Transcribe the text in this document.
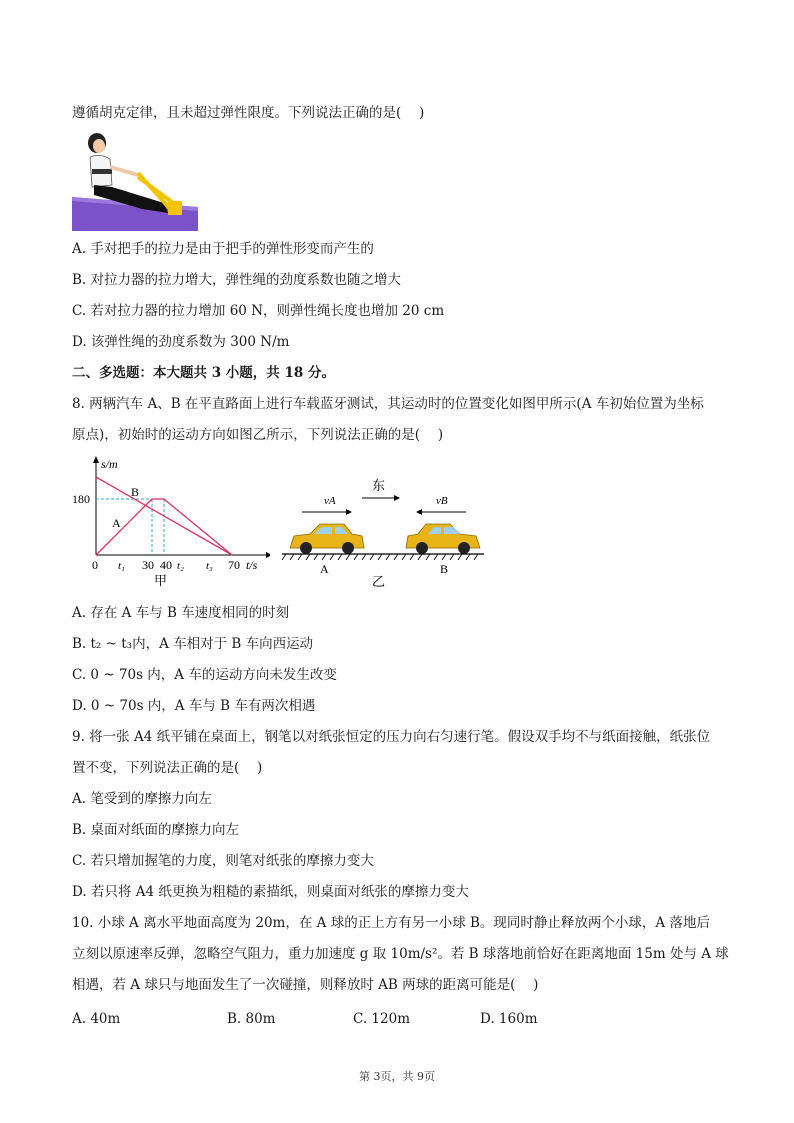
遵循胡克定律，且未超过弹性限度。下列说法正确的是(　 )
A. 手对把手的拉力是由于把手的弹性形变而产生的
B. 对拉力器的拉力增大，弹性绳的劲度系数也随之增大
C. 若对拉力器的拉力增加 60 N，则弹性绳长度也增加 20 cm
D. 该弹性绳的劲度系数为 300 N/m
二、多选题：本大题共 3 小题，共 18 分。
8. 两辆汽车 A、B 在平直路面上进行车载蓝牙测试，其运动时的位置变化如图甲所示(A 车初始位置为坐标
原点)，初始时的运动方向如图乙所示，下列说法正确的是(　 )
s/m
180	B
A
0 t₁ 30 40 t₂ t₃ 70 t/s
甲
东
vA	vB
A	B
乙
A. 存在 A 车与 B 车速度相同的时刻
B. t₂ ~ t₃内，A 车相对于 B 车向西运动
C. 0 ~ 70s 内，A 车的运动方向未发生改变
D. 0 ~ 70s 内，A 车与 B 车有两次相遇
9. 将一张 A4 纸平铺在桌面上，钢笔以对纸张恒定的压力向右匀速行笔。假设双手均不与纸面接触，纸张位
置不变，下列说法正确的是(　 )
A. 笔受到的摩擦力向左
B. 桌面对纸面的摩擦力向左
C. 若只增加握笔的力度，则笔对纸张的摩擦力变大
D. 若只将 A4 纸更换为粗糙的素描纸，则桌面对纸张的摩擦力变大
10. 小球 A 离水平地面高度为 20m，在 A 球的正上方有另一小球 B。现同时静止释放两个小球，A 落地后
立刻以原速率反弹，忽略空气阻力，重力加速度 g 取 10m/s²。若 B 球落地前恰好在距离地面 15m 处与 A 球
相遇，若 A 球只与地面发生了一次碰撞，则释放时 AB 两球的距离可能是(　 )
A. 40m	B. 80m	C. 120m	D. 160m
第 3页，共 9页
